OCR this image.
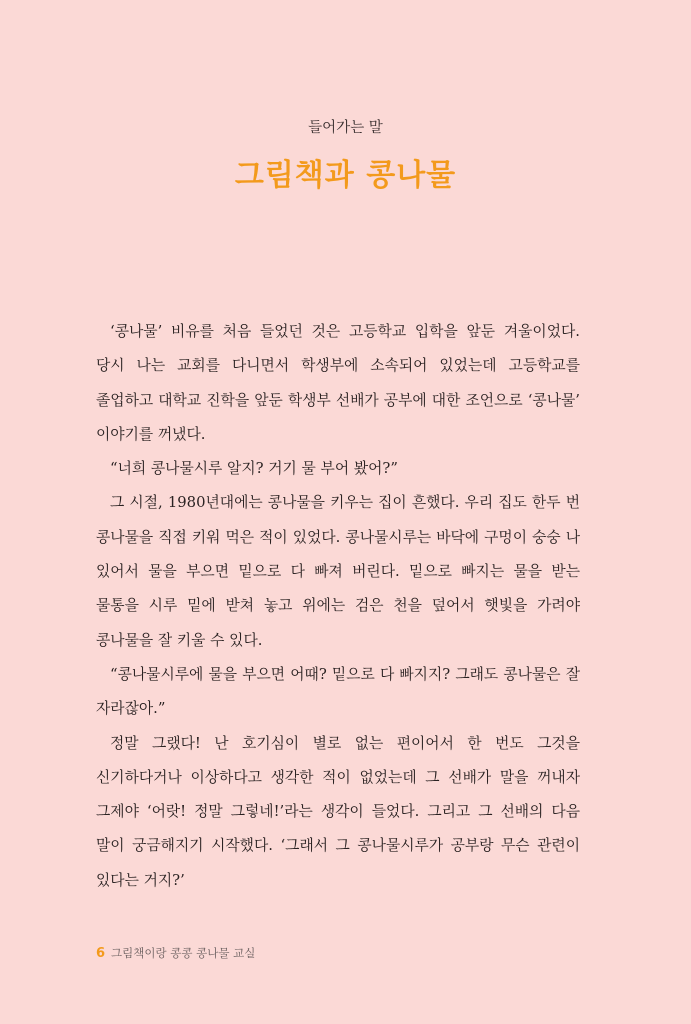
들어가는 말
그림책과 콩나물

‘콩나물’ 비유를 처음 들었던 것은 고등학교 입학을 앞둔 겨울이었다. 당시 나는 교회를 다니면서 학생부에 소속되어 있었는데 고등학교를 졸업하고 대학교 진학을 앞둔 학생부 선배가 공부에 대한 조언으로 ‘콩나물’ 이야기를 꺼냈다.

“너희 콩나물시루 알지? 거기 물 부어 봤어?”

그 시절, 1980년대에는 콩나물을 키우는 집이 흔했다. 우리 집도 한두 번 콩나물을 직접 키워 먹은 적이 있었다. 콩나물시루는 바닥에 구멍이 숭숭 나 있어서 물을 부으면 밑으로 다 빠져 버린다. 밑으로 빠지는 물을 받는 물통을 시루 밑에 받쳐 놓고 위에는 검은 천을 덮어서 햇빛을 가려야 콩나물을 잘 키울 수 있다.

“콩나물시루에 물을 부으면 어때? 밑으로 다 빠지지? 그래도 콩나물은 잘 자라잖아.”

정말 그랬다! 난 호기심이 별로 없는 편이어서 한 번도 그것을 신기하다거나 이상하다고 생각한 적이 없었는데 그 선배가 말을 꺼내자 그제야 ‘어랏! 정말 그렇네!’라는 생각이 들었다. 그리고 그 선배의 다음 말이 궁금해지기 시작했다. ‘그래서 그 콩나물시루가 공부랑 무슨 관련이 있다는 거지?’

6 그림책이랑 콩콩 콩나물 교실
